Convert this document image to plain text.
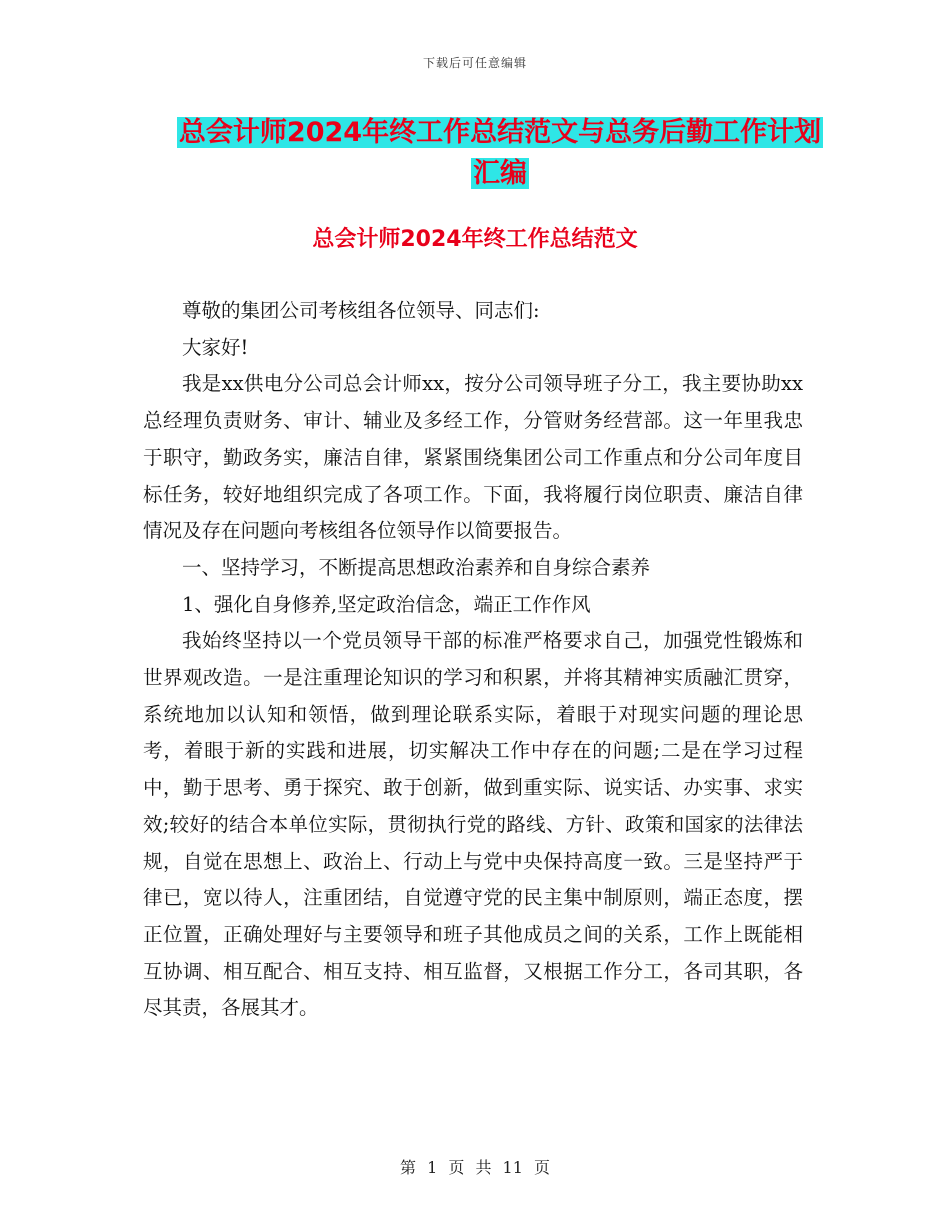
下载后可任意编辑
总会计师2024年终工作总结范文与总务后勤工作计划
汇编
总会计师2024年终工作总结范文

尊敬的集团公司考核组各位领导、同志们:

大家好!

我是xx供电分公司总会计师xx，按分公司领导班子分工，我主要协助xx总经理负责财务、审计、辅业及多经工作，分管财务经营部。这一年里我忠于职守，勤政务实，廉洁自律，紧紧围绕集团公司工作重点和分公司年度目标任务，较好地组织完成了各项工作。下面，我将履行岗位职责、廉洁自律情况及存在问题向考核组各位领导作以简要报告。

一、坚持学习，不断提高思想政治素养和自身综合素养

1、强化自身修养,坚定政治信念，端正工作作风

我始终坚持以一个党员领导干部的标准严格要求自己，加强党性锻炼和世界观改造。一是注重理论知识的学习和积累，并将其精神实质融汇贯穿，系统地加以认知和领悟，做到理论联系实际，着眼于对现实问题的理论思考，着眼于新的实践和进展，切实解决工作中存在的问题;二是在学习过程中，勤于思考、勇于探究、敢于创新，做到重实际、说实话、办实事、求实效;较好的结合本单位实际，贯彻执行党的路线、方针、政策和国家的法律法规，自觉在思想上、政治上、行动上与党中央保持高度一致。三是坚持严于律已，宽以待人，注重团结，自觉遵守党的民主集中制原则，端正态度，摆正位置，正确处理好与主要领导和班子其他成员之间的关系，工作上既能相互协调、相互配合、相互支持、相互监督，又根据工作分工，各司其职，各尽其责，各展其才。

第 1 页 共 11 页
